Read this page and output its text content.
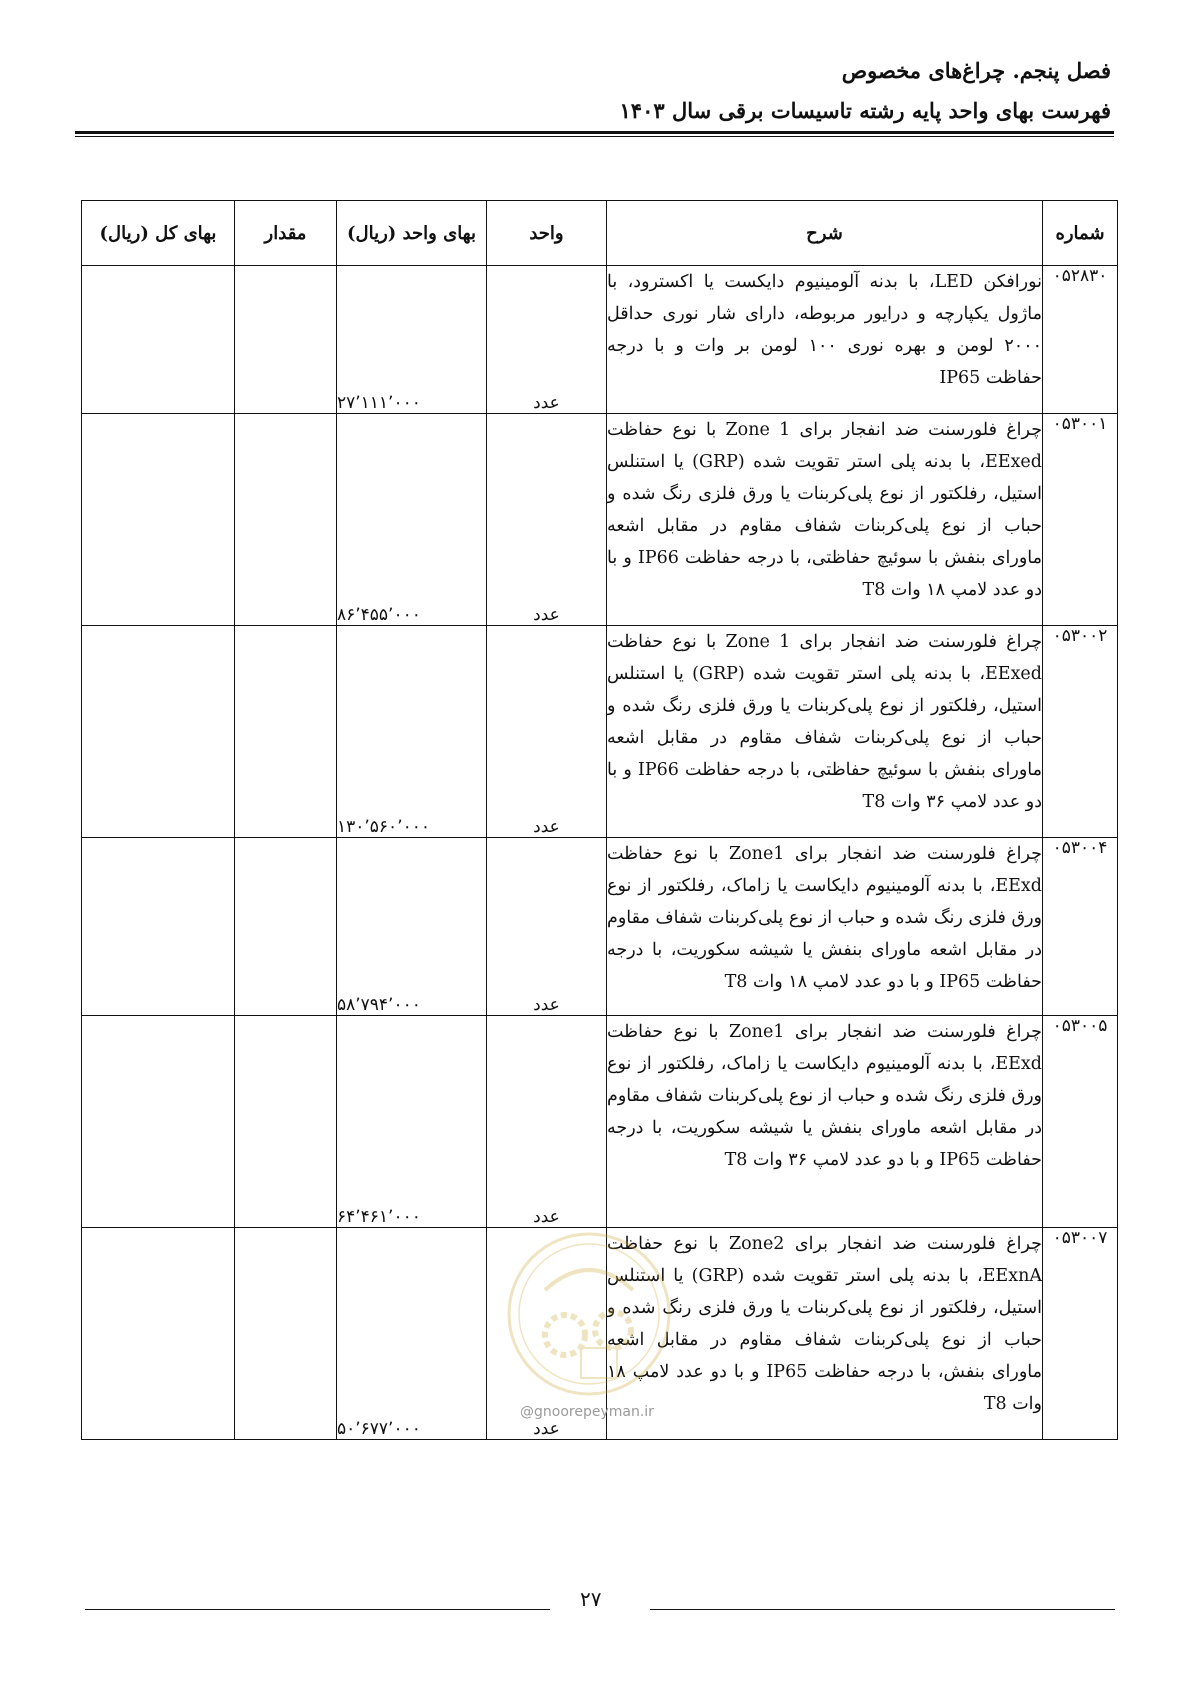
فصل پنجم. چراغ‌های مخصوص
فهرست بهای واحد پایه رشته تاسیسات برقی سال ۱۴۰۳
شماره	شرح	واحد	بهای واحد (ریال)	مقدار	بهای کل (ریال)
۰۵۲۸۳۰	نورافکن LED، با بدنه آلومینیوم دایکست یا اکسترود، با ماژول یکپارچه و درایور مربوطه، دارای شار نوری حداقل ۲۰۰۰ لومن و بهره نوری ۱۰۰ لومن بر وات و با درجه حفاظت IP65	عدد	۲۷٬۱۱۱٬۰۰۰		
۰۵۳۰۰۱	چراغ فلورسنت ضد انفجار برای Zone 1 با نوع حفاظت EExed، با بدنه پلی استر تقویت شده (GRP) یا استنلس استیل، رفلکتور از نوع پلی‌کربنات یا ورق فلزی رنگ شده و حباب از نوع پلی‌کربنات شفاف مقاوم در مقابل اشعه ماورای بنفش با سوئیچ حفاظتی، با درجه حفاظت IP66 و با دو عدد لامپ ۱۸ وات T8	عدد	۸۶٬۴۵۵٬۰۰۰		
۰۵۳۰۰۲	چراغ فلورسنت ضد انفجار برای Zone 1 با نوع حفاظت EExed، با بدنه پلی استر تقویت شده (GRP) یا استنلس استیل، رفلکتور از نوع پلی‌کربنات یا ورق فلزی رنگ شده و حباب از نوع پلی‌کربنات شفاف مقاوم در مقابل اشعه ماورای بنفش با سوئیچ حفاظتی، با درجه حفاظت IP66 و با دو عدد لامپ ۳۶ وات T8	عدد	۱۳۰٬۵۶۰٬۰۰۰		
۰۵۳۰۰۴	چراغ فلورسنت ضد انفجار برای Zone1 با نوع حفاظت EExd، با بدنه آلومینیوم دایکاست یا زاماک، رفلکتور از نوع ورق فلزی رنگ شده و حباب از نوع پلی‌کربنات شفاف مقاوم در مقابل اشعه ماورای بنفش یا شیشه سکوریت، با درجه حفاظت IP65 و با دو عدد لامپ ۱۸ وات T8	عدد	۵۸٬۷۹۴٬۰۰۰		
۰۵۳۰۰۵	چراغ فلورسنت ضد انفجار برای Zone1 با نوع حفاظت EExd، با بدنه آلومینیوم دایکاست یا زاماک، رفلکتور از نوع ورق فلزی رنگ شده و حباب از نوع پلی‌کربنات شفاف مقاوم در مقابل اشعه ماورای بنفش یا شیشه سکوریت، با درجه حفاظت IP65 و با دو عدد لامپ ۳۶ وات T8	عدد	۶۴٬۴۶۱٬۰۰۰		
۰۵۳۰۰۷	چراغ فلورسنت ضد انفجار برای Zone2 با نوع حفاظت EExnA، با بدنه پلی استر تقویت شده (GRP) یا استنلس استیل، رفلکتور از نوع پلی‌کربنات یا ورق فلزی رنگ شده و حباب از نوع پلی‌کربنات شفاف مقاوم در مقابل اشعه ماورای بنفش، با درجه حفاظت IP65 و با دو عدد لامپ ۱۸ وات T8	عدد	۵۰٬۶۷۷٬۰۰۰		
@gnoorepeyman.ir
۲۷
